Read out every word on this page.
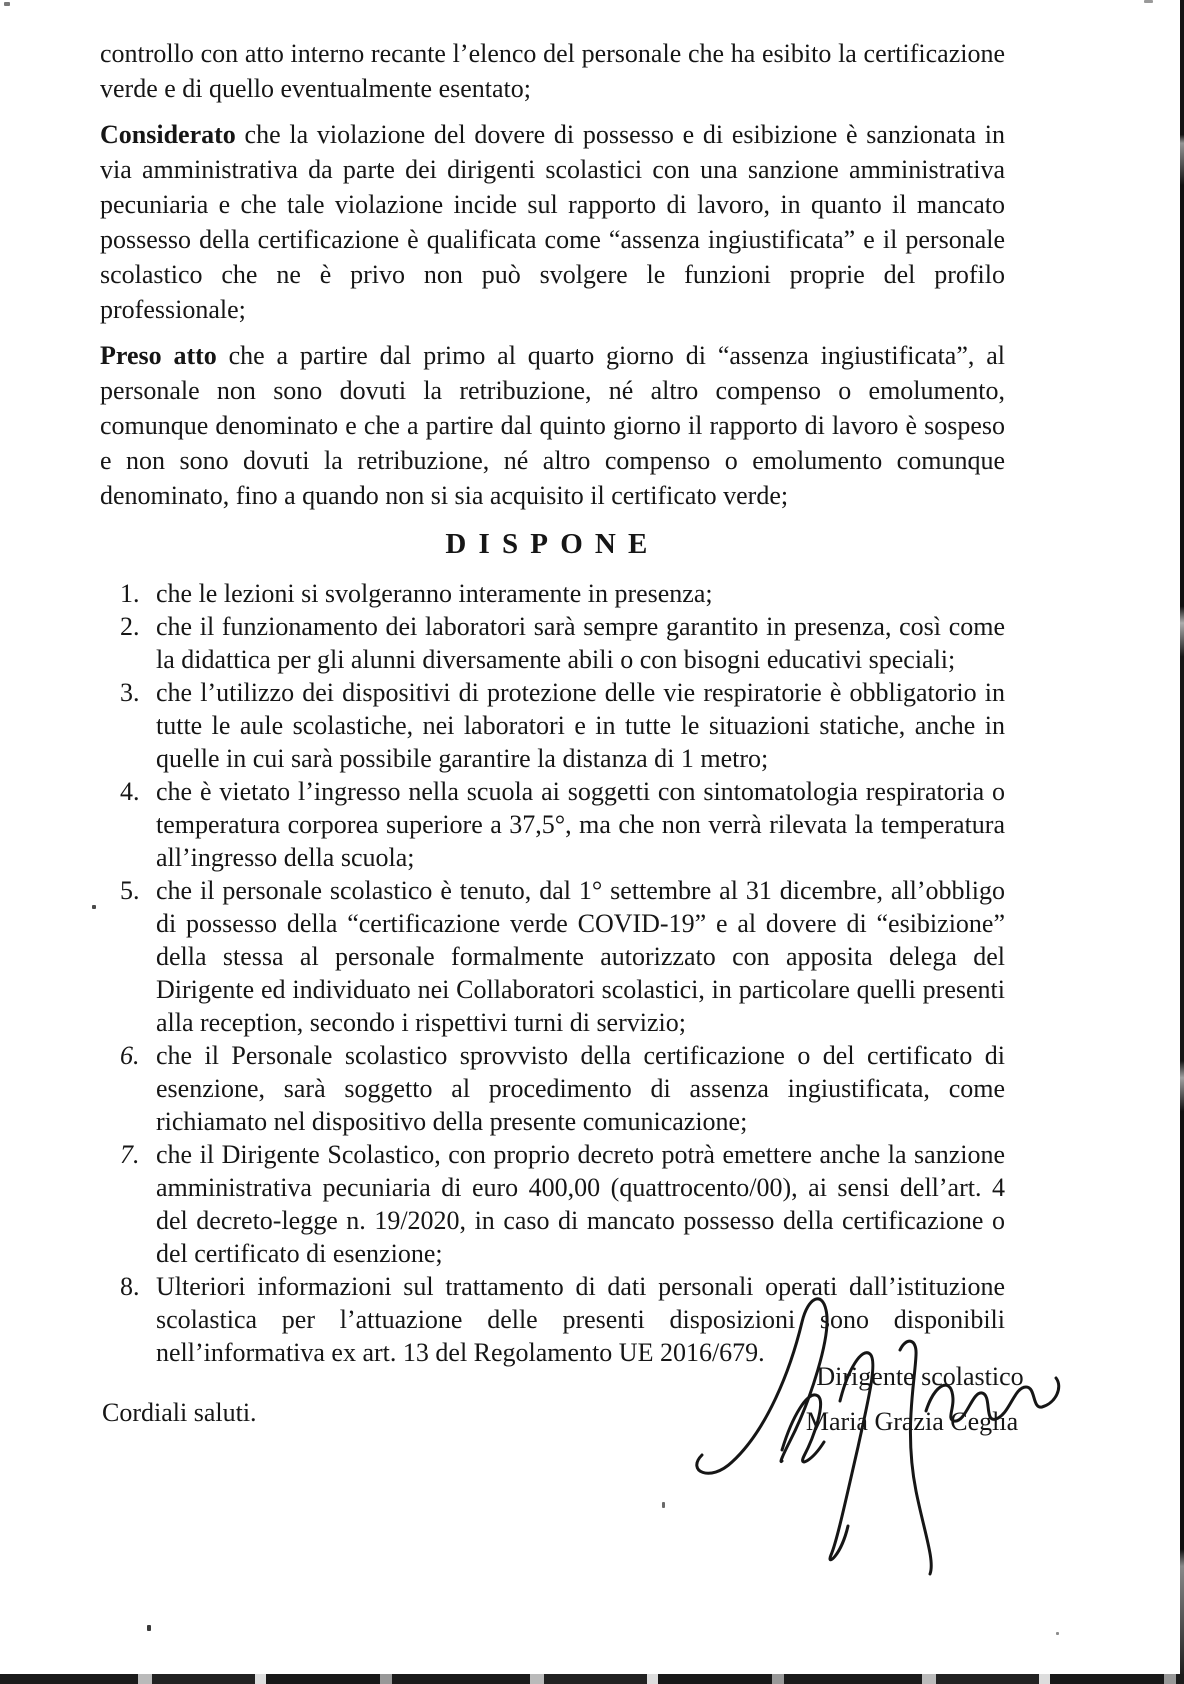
controllo con atto interno recante l’elenco del personale che ha esibito la certificazione verde e di quello eventualmente esentato;

Considerato che la violazione del dovere di possesso e di esibizione è sanzionata in via amministrativa da parte dei dirigenti scolastici con una sanzione amministrativa pecuniaria e che tale violazione incide sul rapporto di lavoro, in quanto il mancato possesso della certificazione è qualificata come “assenza ingiustificata” e il personale scolastico che ne è privo non può svolgere le funzioni proprie del profilo professionale;

Preso atto che a partire dal primo al quarto giorno di “assenza ingiustificata”, al personale non sono dovuti la retribuzione, né altro compenso o emolumento, comunque denominato e che a partire dal quinto giorno il rapporto di lavoro è sospeso e non sono dovuti la retribuzione, né altro compenso o emolumento comunque denominato, fino a quando non si sia acquisito il certificato verde;

DISPONE
1. che le lezioni si svolgeranno interamente in presenza;
2. che il funzionamento dei laboratori sarà sempre garantito in presenza, così come la didattica per gli alunni diversamente abili o con bisogni educativi speciali;
3. che l’utilizzo dei dispositivi di protezione delle vie respiratorie è obbligatorio in tutte le aule scolastiche, nei laboratori e in tutte le situazioni statiche, anche in quelle in cui sarà possibile garantire la distanza di 1 metro;
4. che è vietato l’ingresso nella scuola ai soggetti con sintomatologia respiratoria o temperatura corporea superiore a 37,5°, ma che non verrà rilevata la temperatura all’ingresso della scuola;
5. che il personale scolastico è tenuto, dal 1° settembre al 31 dicembre, all’obbligo di possesso della “certificazione verde COVID-19” e al dovere di “esibizione” della stessa al personale formalmente autorizzato con apposita delega del Dirigente ed individuato nei Collaboratori scolastici, in particolare quelli presenti alla reception, secondo i rispettivi turni di servizio;
6. che il Personale scolastico sprovvisto della certificazione o del certificato di esenzione, sarà soggetto al procedimento di assenza ingiustificata, come richiamato nel dispositivo della presente comunicazione;
7. che il Dirigente Scolastico, con proprio decreto potrà emettere anche la sanzione amministrativa pecuniaria di euro 400,00 (quattrocento/00), ai sensi dell’art. 4 del decreto-legge n. 19/2020, in caso di mancato possesso della certificazione o del certificato di esenzione;
8. Ulteriori informazioni sul trattamento di dati personali operati dall’istituzione scolastica per l’attuazione delle presenti disposizioni sono disponibili nell’informativa ex art. 13 del Regolamento UE 2016/679.

Cordiali saluti.

Dirigente scolastico
Maria Grazia Ceglia
